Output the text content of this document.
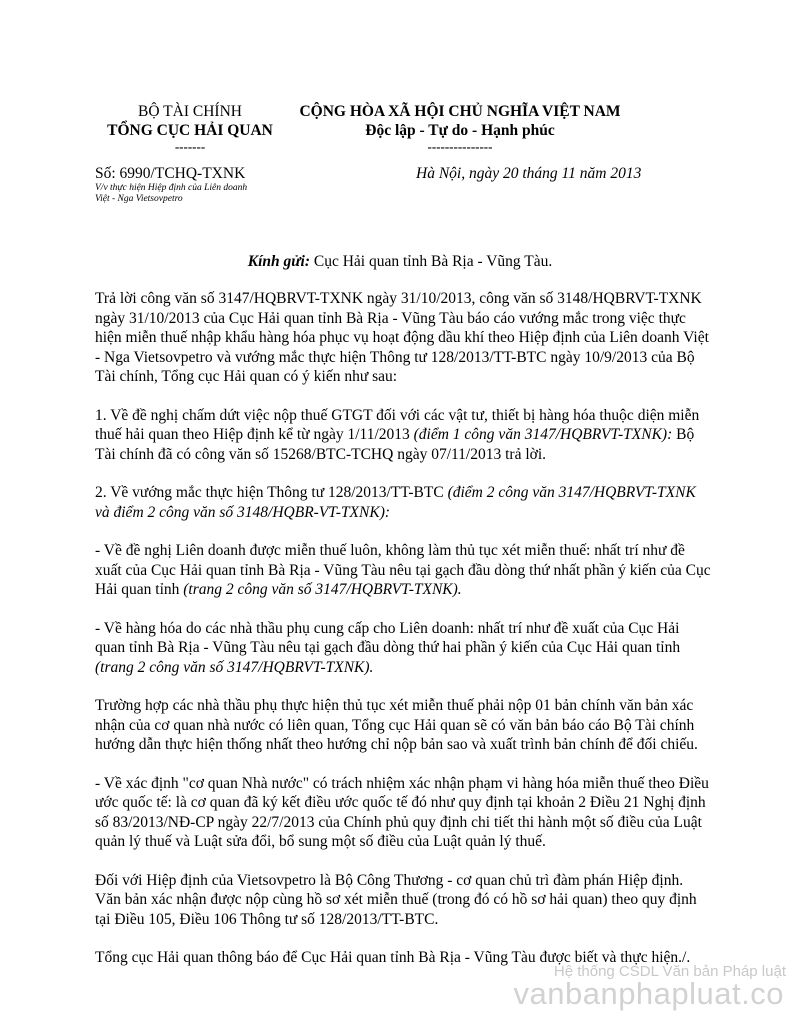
BỘ TÀI CHÍNH
TỔNG CỤC HẢI QUAN
-------
CỘNG HÒA XÃ HỘI CHỦ NGHĨA VIỆT NAM
Độc lập - Tự do - Hạnh phúc
---------------
Số: 6990/TCHQ-TXNK
V/v thực hiện Hiệp định của Liên doanh
Việt - Nga Vietsovpetro
Hà Nội, ngày 20 tháng 11 năm 2013
Kính gửi: Cục Hải quan tỉnh Bà Rịa - Vũng Tàu.

Trả lời công văn số 3147/HQBRVT-TXNK ngày 31/10/2013, công văn số 3148/HQBRVT-TXNK ngày 31/10/2013 của Cục Hải quan tỉnh Bà Rịa - Vũng Tàu báo cáo vướng mắc trong việc thực hiện miễn thuế nhập khẩu hàng hóa phục vụ hoạt động dầu khí theo Hiệp định của Liên doanh Việt - Nga Vietsovpetro và vướng mắc thực hiện Thông tư 128/2013/TT-BTC ngày 10/9/2013 của Bộ Tài chính, Tổng cục Hải quan có ý kiến như sau:

1. Về đề nghị chấm dứt việc nộp thuế GTGT đối với các vật tư, thiết bị hàng hóa thuộc diện miễn thuế hải quan theo Hiệp định kể từ ngày 1/11/2013 (điểm 1 công văn 3147/HQBRVT-TXNK): Bộ Tài chính đã có công văn số 15268/BTC-TCHQ ngày 07/11/2013 trả lời.

2. Về vướng mắc thực hiện Thông tư 128/2013/TT-BTC (điểm 2 công văn 3147/HQBRVT-TXNK và điểm 2 công văn số 3148/HQBR-VT-TXNK):

- Về đề nghị Liên doanh được miễn thuế luôn, không làm thủ tục xét miễn thuế: nhất trí như đề xuất của Cục Hải quan tỉnh Bà Rịa - Vũng Tàu nêu tại gạch đầu dòng thứ nhất phần ý kiến của Cục Hải quan tỉnh (trang 2 công văn số 3147/HQBRVT-TXNK).

- Về hàng hóa do các nhà thầu phụ cung cấp cho Liên doanh: nhất trí như đề xuất của Cục Hải quan tỉnh Bà Rịa - Vũng Tàu nêu tại gạch đầu dòng thứ hai phần ý kiến của Cục Hải quan tỉnh (trang 2 công văn số 3147/HQBRVT-TXNK).

Trường hợp các nhà thầu phụ thực hiện thủ tục xét miễn thuế phải nộp 01 bản chính văn bản xác nhận của cơ quan nhà nước có liên quan, Tổng cục Hải quan sẽ có văn bản báo cáo Bộ Tài chính hướng dẫn thực hiện thống nhất theo hướng chỉ nộp bản sao và xuất trình bản chính để đối chiếu.

- Về xác định "cơ quan Nhà nước" có trách nhiệm xác nhận phạm vi hàng hóa miễn thuế theo Điều ước quốc tế: là cơ quan đã ký kết điều ước quốc tế đó như quy định tại khoản 2 Điều 21 Nghị định số 83/2013/NĐ-CP ngày 22/7/2013 của Chính phủ quy định chi tiết thi hành một số điều của Luật quản lý thuế và Luật sửa đổi, bổ sung một số điều của Luật quản lý thuế.

Đối với Hiệp định của Vietsovpetro là Bộ Công Thương - cơ quan chủ trì đàm phán Hiệp định. Văn bản xác nhận được nộp cùng hồ sơ xét miễn thuế (trong đó có hồ sơ hải quan) theo quy định tại Điều 105, Điều 106 Thông tư số 128/2013/TT-BTC.

Tổng cục Hải quan thông báo để Cục Hải quan tỉnh Bà Rịa - Vũng Tàu được biết và thực hiện./.

Hệ thống CSDL Văn bản Pháp luật
vanbanphapluat.co
